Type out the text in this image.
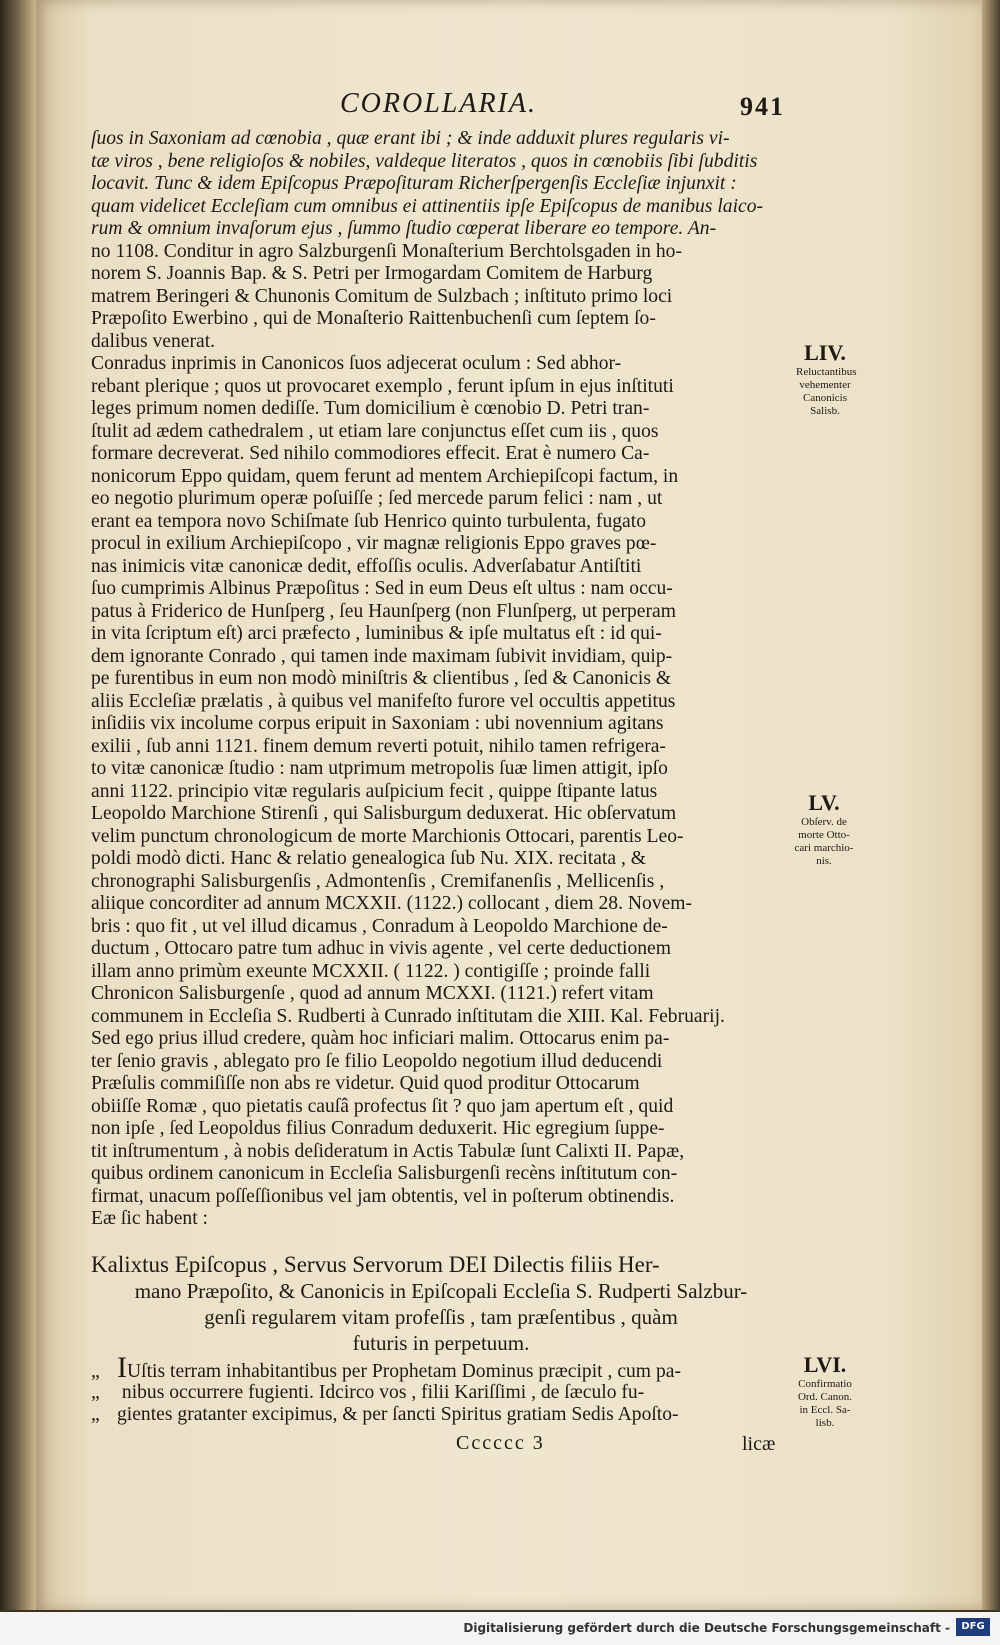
COROLLARIA.	941
ſuos in Saxoniam ad cœnobia , quæ erant ibi ; & inde adduxit plures regularis vi-
tæ viros , bene religioſos & nobiles, valdeque literatos , quos in cœnobiis ſibi ſubditis
locavit. Tunc & idem Epiſcopus Præpoſituram Richerſpergenſis Eccleſiæ injunxit :
quam videlicet Eccleſiam cum omnibus ei attinentiis ipſe Epiſcopus de manibus laico-
rum & omnium invaſorum ejus , ſummo ſtudio cœperat liberare eo tempore. An-
no 1108. Conditur in agro Salzburgenſi Monaſterium Berchtolsgaden in ho-
norem S. Joannis Bap. & S. Petri per Irmogardam Comitem de Harburg
matrem Beringeri & Chunonis Comitum de Sulzbach ; inſtituto primo loci
Præpoſito Ewerbino , qui de Monaſterio Raittenbuchenſi cum ſeptem ſo-
dalibus venerat.
Conradus inprimis in Canonicos ſuos adjecerat oculum : Sed abhor-
rebant plerique ; quos ut provocaret exemplo , ferunt ipſum in ejus inſtituti
leges primum nomen dediſſe. Tum domicilium è cœnobio D. Petri tran-
ſtulit ad ædem cathedralem , ut etiam lare conjunctus eſſet cum iis , quos
formare decreverat. Sed nihilo commodiores effecit. Erat è numero Ca-
nonicorum Eppo quidam, quem ferunt ad mentem Archiepiſcopi factum, in
eo negotio plurimum operæ poſuiſſe ; ſed mercede parum felici : nam , ut
erant ea tempora novo Schiſmate ſub Henrico quinto turbulenta, fugato
procul in exilium Archiepiſcopo , vir magnæ religionis Eppo graves pœ-
nas inimicis vitæ canonicæ dedit, effoſſis oculis. Adverſabatur Antiſtiti
ſuo cumprimis Albinus Præpoſitus : Sed in eum Deus eſt ultus : nam occu-
patus à Friderico de Hunſperg , ſeu Haunſperg (non Flunſperg, ut perperam
in vita ſcriptum eſt) arci præfecto , luminibus & ipſe multatus eſt : id qui-
dem ignorante Conrado , qui tamen inde maximam ſubivit invidiam, quip-
pe furentibus in eum non modò miniſtris & clientibus , ſed & Canonicis &
aliis Eccleſiæ prælatis , à quibus vel manifeſto furore vel occultis appetitus
inſidiis vix incolume corpus eripuit in Saxoniam : ubi novennium agitans
exilii , ſub anni 1121. finem demum reverti potuit, nihilo tamen refrigera-
to vitæ canonicæ ſtudio : nam utprimum metropolis ſuæ limen attigit, ipſo
anni 1122. principio vitæ regularis auſpicium fecit , quippe ſtipante latus
Leopoldo Marchione Stirenſi , qui Salisburgum deduxerat. Hic obſervatum
velim punctum chronologicum de morte Marchionis Ottocari, parentis Leo-
poldi modò dicti. Hanc & relatio genealogica ſub Nu. XIX. recitata , &
chronographi Salisburgenſis , Admontenſis , Cremifanenſis , Mellicenſis ,
aliique concorditer ad annum MCXXII. (1122.) collocant , diem 28. Novem-
bris : quo fit , ut vel illud dicamus , Conradum à Leopoldo Marchione de-
ductum , Ottocaro patre tum adhuc in vivis agente , vel certe deductionem
illam anno primùm exeunte MCXXII. ( 1122. ) contigiſſe ; proinde falli
Chronicon Salisburgenſe , quod ad annum MCXXI. (1121.) refert vitam
communem in Eccleſia S. Rudberti à Cunrado inſtitutam die XIII. Kal. Februarij.
Sed ego prius illud credere, quàm hoc inficiari malim. Ottocarus enim pa-
ter ſenio gravis , ablegato pro ſe filio Leopoldo negotium illud deducendi
Præſulis commiſiſſe non abs re videtur. Quid quod proditur Ottocarum
obiiſſe Romæ , quo pietatis cauſâ profectus ſit ? quo jam apertum eſt , quid
non ipſe , ſed Leopoldus filius Conradum deduxerit. Hic egregium ſuppe-
tit inſtrumentum , à nobis deſideratum in Actis Tabulæ ſunt Calixti II. Papæ,
quibus ordinem canonicum in Eccleſia Salisburgenſi recèns inſtitutum con-
firmat, unacum poſſeſſionibus vel jam obtentis, vel in poſterum obtinendis.
Eæ ſic habent :
Kalixtus Epiſcopus , Servus Servorum DEI Dilectis filiis Her-
mano Præpoſito, & Canonicis in Epiſcopali Eccleſia S. Rudperti Salzbur-
genſi regularem vitam profeſſis , tam præſentibus , quàm
futuris in perpetuum.
„ IUſtis terram inhabitantibus per Prophetam Dominus præcipit , cum pa-
„ nibus occurrere fugienti. Idcirco vos , filii Kariſſimi , de ſæculo fu-
„ gientes gratanter excipimus, & per ſancti Spiritus gratiam Sedis Apoſto-
Cccccc 3	licæ
LIV.
Reluctantibus
vehementer
Canonicis
Salisb.
LV.
Obſerv. de
morte Otto-
cari marchio-
nis.
LVI.
Confirmatio
Ord. Canon.
in Eccl. Sa-
lisb.
Digitalisierung gefördert durch die Deutsche Forschungsgemeinschaft -	DFG
